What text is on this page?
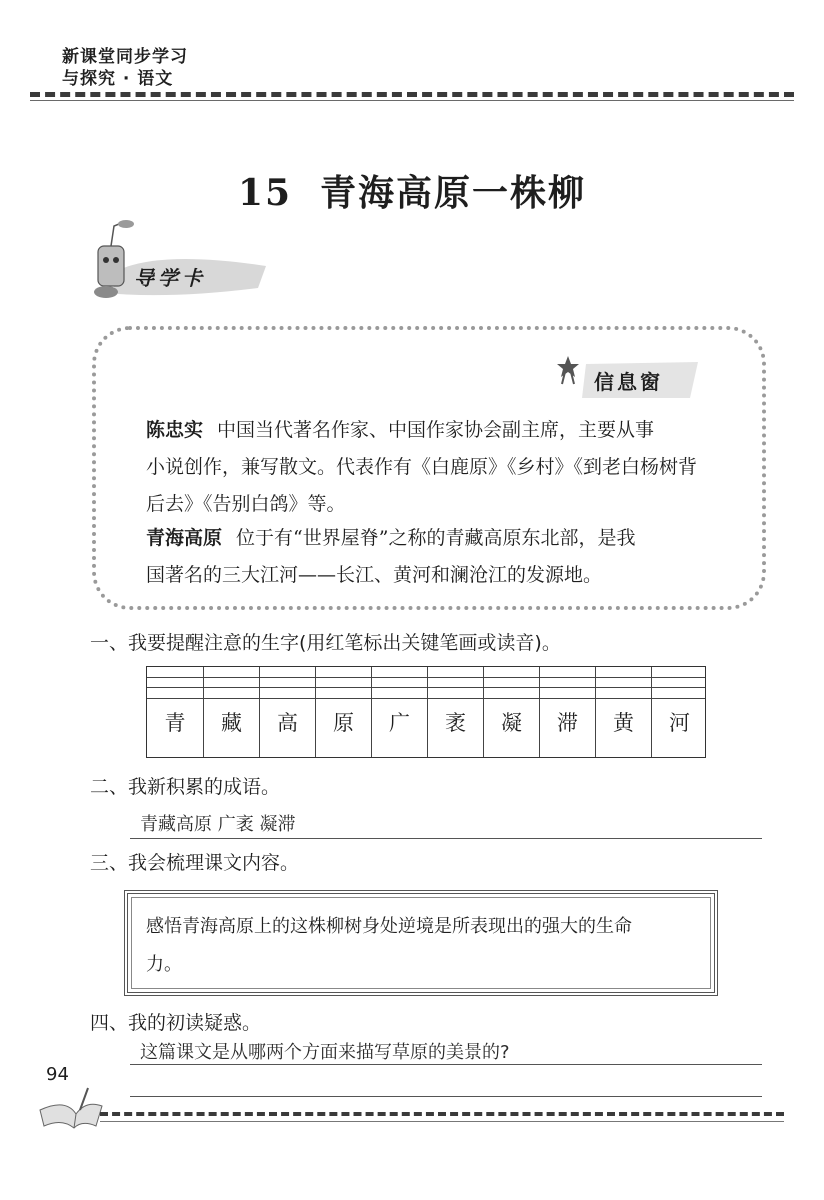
新课堂同步学习
与探究 · 语文
15 青海高原一株柳
导学卡
信息窗
陈忠实 中国当代著名作家、中国作家协会副主席，主要从事
小说创作，兼写散文。代表作有《白鹿原》《乡村》《到老白杨树背
后去》《告别白鸽》等。
青海高原 位于有“世界屋脊”之称的青藏高原东北部，是我
国著名的三大江河——长江、黄河和澜沧江的发源地。
一、我要提醒注意的生字(用红笔标出关键笔画或读音)。
青	藏	高	原	广	袤	凝	滞	黄	河
二、我新积累的成语。
青藏高原 广袤 凝滞
三、我会梳理课文内容。
感悟青海高原上的这株柳树身处逆境是所表现出的强大的生命
力。
四、我的初读疑惑。
这篇课文是从哪两个方面来描写草原的美景的?
94
